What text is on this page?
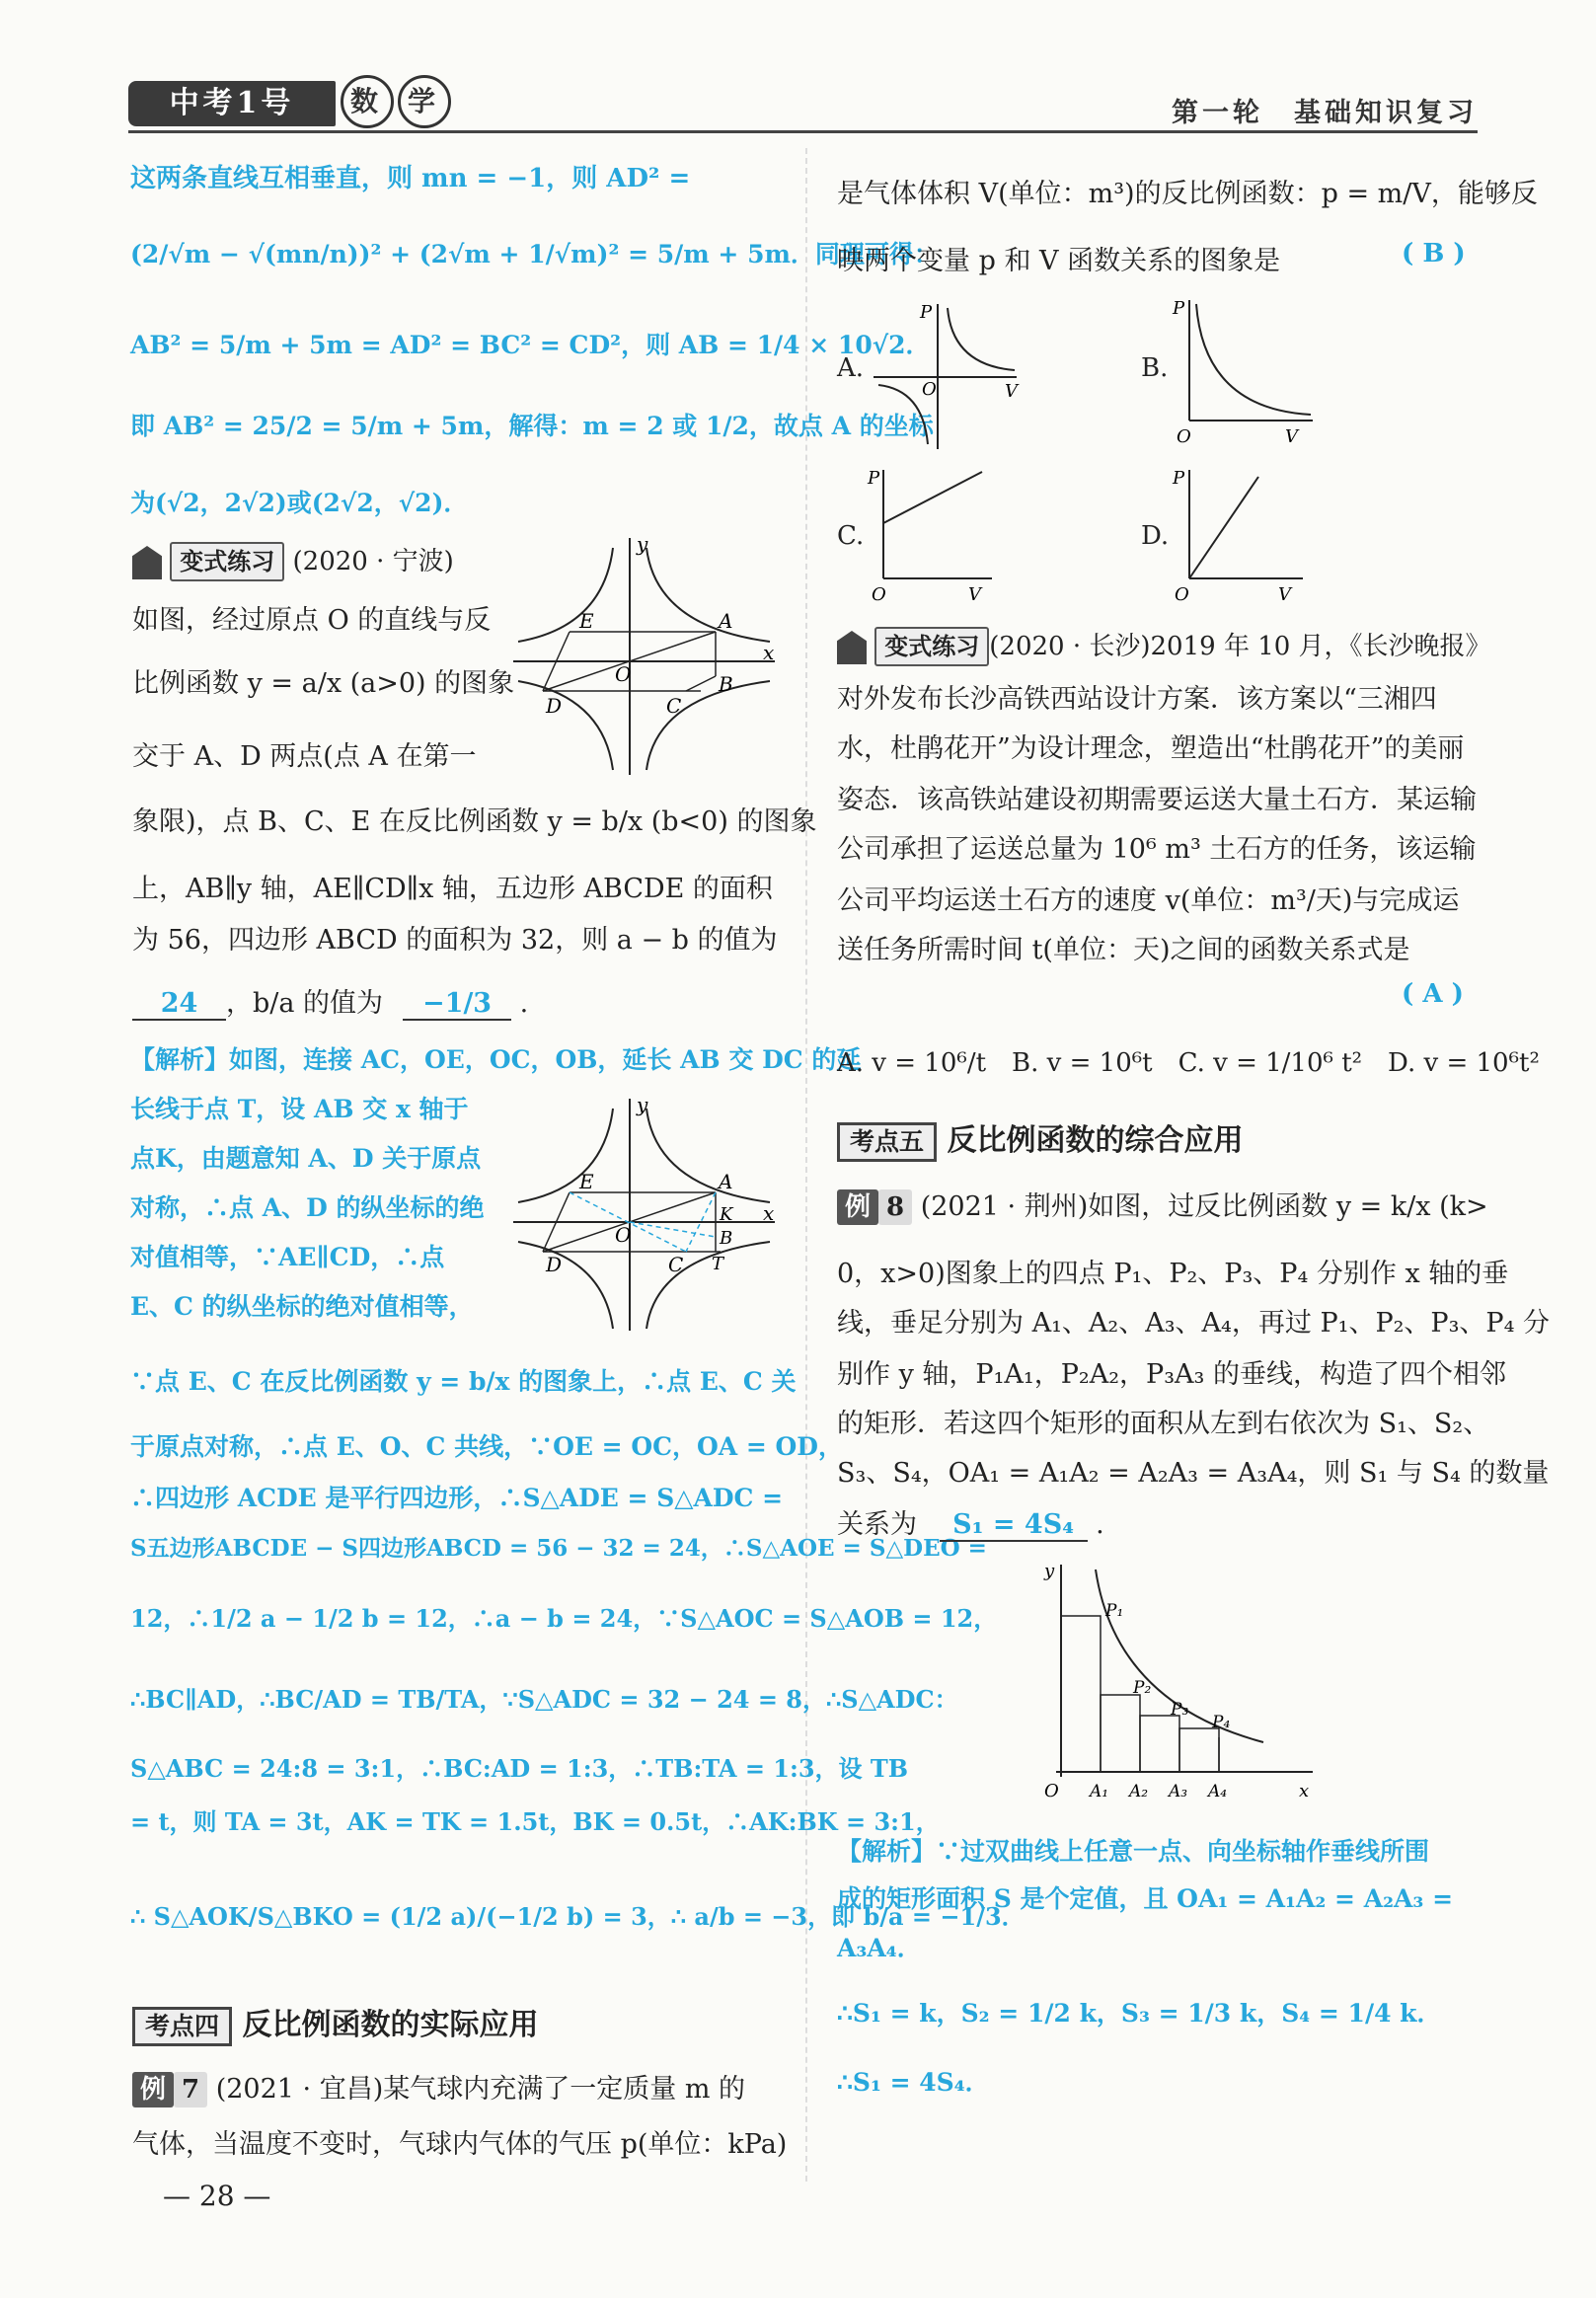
中考1号	数 学	第一轮　基础知识复习
这两条直线互相垂直，则 mn = −1，则 AD² =
(2/√m − √(mn/n))² + (2√m + 1/√m)² = 5/m + 5m．同理可得：
AB² = 5/m + 5m = AD² = BC² = CD²，则 AB = 1/4 × 10√2．
即 AB² = 25/2 = 5/m + 5m，解得：m = 2 或 1/2，故点 A 的坐标
为(√2，2√2)或(2√2，√2)．
变式练习 (2020 · 宁波)
如图，经过原点 O 的直线与反
比例函数 y = a/x (a>0) 的图象
交于 A、D 两点(点 A 在第一
象限)，点 B、C、E 在反比例函数 y = b/x (b<0) 的图象
上，AB∥y 轴，AE∥CD∥x 轴，五边形 ABCDE 的面积
为 56，四边形 ABCD 的面积为 32，则 a − b 的值为
24 ，b/a 的值为 −1/3 .
y
x
O
A
B
C
D
E
【解析】如图，连接 AC，OE，OC，OB，延长 AB 交 DC 的延
长线于点 T，设 AB 交 x 轴于
点K，由题意知 A、D 关于原点
对称，∴点 A、D 的纵坐标的绝
对值相等，∵AE∥CD，∴点
E、C 的纵坐标的绝对值相等，
y
x
O
A
K
B
T
C
D
E
∵点 E、C 在反比例函数 y = b/x 的图象上，∴点 E、C 关
于原点对称，∴点 E、O、C 共线，∵OE = OC，OA = OD，
∴四边形 ACDE 是平行四边形，∴S△ADE = S△ADC =
S五边形ABCDE − S四边形ABCD = 56 − 32 = 24，∴S△AOE = S△DEO =
12，∴1/2 a − 1/2 b = 12，∴a − b = 24，∵S△AOC = S△AOB = 12，
∴BC∥AD，∴BC/AD = TB/TA，∵S△ADC = 32 − 24 = 8，∴S△ADC：
S△ABC = 24:8 = 3:1，∴BC:AD = 1:3，∴TB:TA = 1:3，设 TB
= t，则 TA = 3t，AK = TK = 1.5t，BK = 0.5t，∴AK:BK = 3:1，
∴ S△AOK/S△BKO = (1/2 a)/(−1/2 b) = 3，∴ a/b = −3，即 b/a = −1/3．
考点四 反比例函数的实际应用
例 7 (2021 · 宜昌)某气球内充满了一定质量 m 的
气体，当温度不变时，气球内气体的气压 p(单位：kPa)
— 28 —
是气体体积 V(单位：m³)的反比例函数：p = m/V，能够反
映两个变量 p 和 V 函数关系的图象是	( B )
A.
P
V
O
B.
P
V
O
C.
P
V
O
D.
P
V
O
变式练习 (2020 · 长沙)2019 年 10 月，《长沙晚报》
对外发布长沙高铁西站设计方案．该方案以“三湘四
水，杜鹃花开”为设计理念，塑造出“杜鹃花开”的美丽
姿态．该高铁站建设初期需要运送大量土石方．某运输
公司承担了运送总量为 10⁶ m³ 土石方的任务，该运输
公司平均运送土石方的速度 v(单位：m³/天)与完成运
送任务所需时间 t(单位：天)之间的函数关系式是
( A )
A. v = 10⁶/t　B. v = 10⁶t　C. v = 1/10⁶ t²　D. v = 10⁶t²
考点五 反比例函数的综合应用
例 8 (2021 · 荆州)如图，过反比例函数 y = k/x (k>
0，x>0)图象上的四点 P₁、P₂、P₃、P₄ 分别作 x 轴的垂
线，垂足分别为 A₁、A₂、A₃、A₄，再过 P₁、P₂、P₃、P₄ 分
别作 y 轴，P₁A₁，P₂A₂，P₃A₃ 的垂线，构造了四个相邻
的矩形．若这四个矩形的面积从左到右依次为 S₁、S₂、
S₃、S₄，OA₁ = A₁A₂ = A₂A₃ = A₃A₄，则 S₁ 与 S₄ 的数量
关系为 S₁ = 4S₄ .
y
x
O
P₁
P₂
P₃
P₄
A₁ A₂ A₃ A₄
【解析】∵过双曲线上任意一点、向坐标轴作垂线所围
成的矩形面积 S 是个定值，且 OA₁ = A₁A₂ = A₂A₃ =
A₃A₄．
∴S₁ = k，S₂ = 1/2 k，S₃ = 1/3 k，S₄ = 1/4 k．
∴S₁ = 4S₄．
